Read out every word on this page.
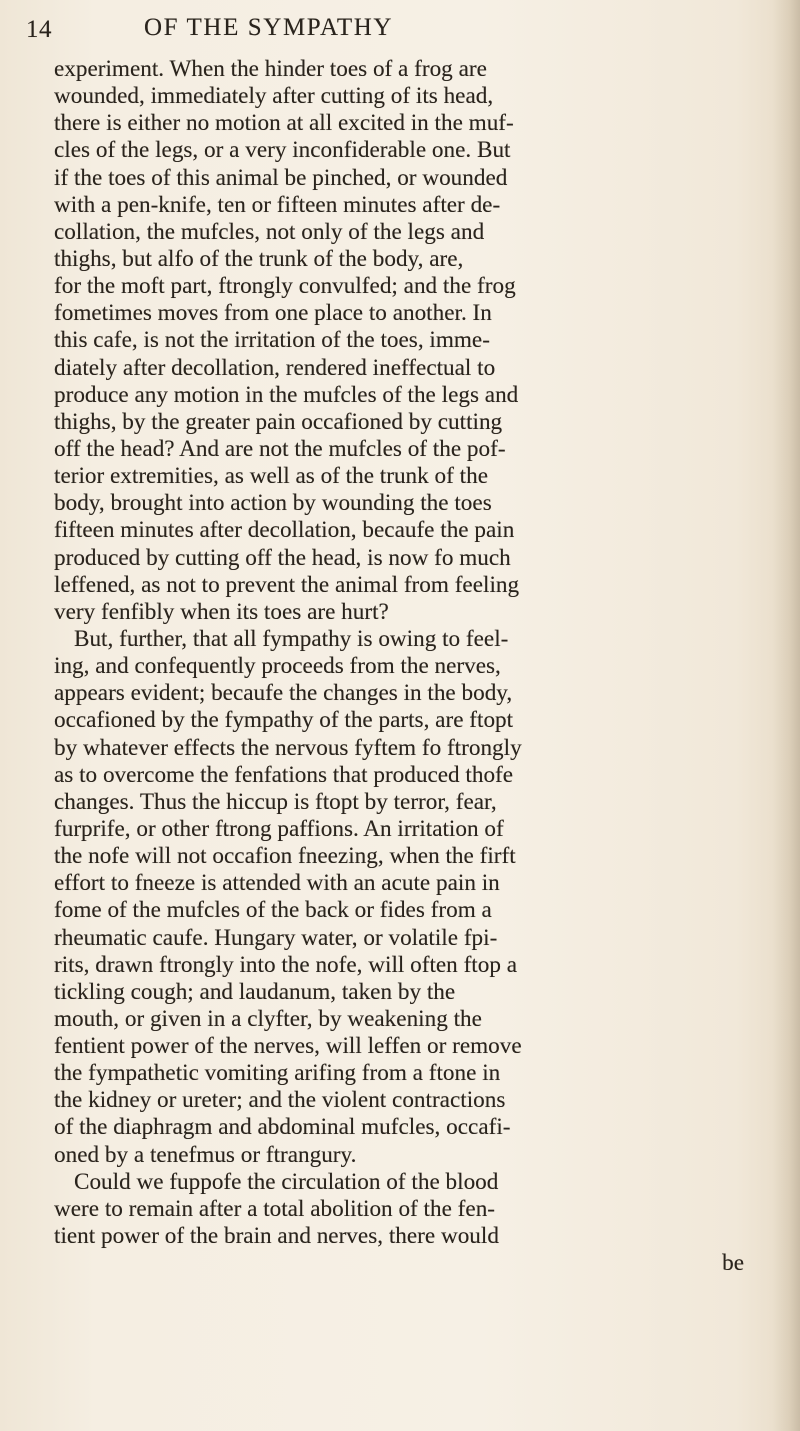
14	OF THE SYMPATHY
experiment. When the hinder toes of a frog are
wounded, immediately after cutting of its head,
there is either no motion at all excited in the muf-
cles of the legs, or a very inconfiderable one. But
if the toes of this animal be pinched, or wounded
with a pen-knife, ten or fifteen minutes after de-
collation, the mufcles, not only of the legs and
thighs, but alfo of the trunk of the body, are,
for the moft part, ftrongly convulfed; and the frog
fometimes moves from one place to another. In
this cafe, is not the irritation of the toes, imme-
diately after decollation, rendered ineffectual to
produce any motion in the mufcles of the legs and
thighs, by the greater pain occafioned by cutting
off the head? And are not the mufcles of the pof-
terior extremities, as well as of the trunk of the
body, brought into action by wounding the toes
fifteen minutes after decollation, becaufe the pain
produced by cutting off the head, is now fo much
leffened, as not to prevent the animal from feeling
very fenfibly when its toes are hurt?
But, further, that all fympathy is owing to feel-
ing, and confequently proceeds from the nerves,
appears evident; becaufe the changes in the body,
occafioned by the fympathy of the parts, are ftopt
by whatever effects the nervous fyftem fo ftrongly
as to overcome the fenfations that produced thofe
changes. Thus the hiccup is ftopt by terror, fear,
furprife, or other ftrong paffions. An irritation of
the nofe will not occafion fneezing, when the firft
effort to fneeze is attended with an acute pain in
fome of the mufcles of the back or fides from a
rheumatic caufe. Hungary water, or volatile fpi-
rits, drawn ftrongly into the nofe, will often ftop a
tickling cough; and laudanum, taken by the
mouth, or given in a clyfter, by weakening the
fentient power of the nerves, will leffen or remove
the fympathetic vomiting arifing from a ftone in
the kidney or ureter; and the violent contractions
of the diaphragm and abdominal mufcles, occafi-
oned by a tenefmus or ftrangury.
Could we fuppofe the circulation of the blood
were to remain after a total abolition of the fen-
tient power of the brain and nerves, there would
be
